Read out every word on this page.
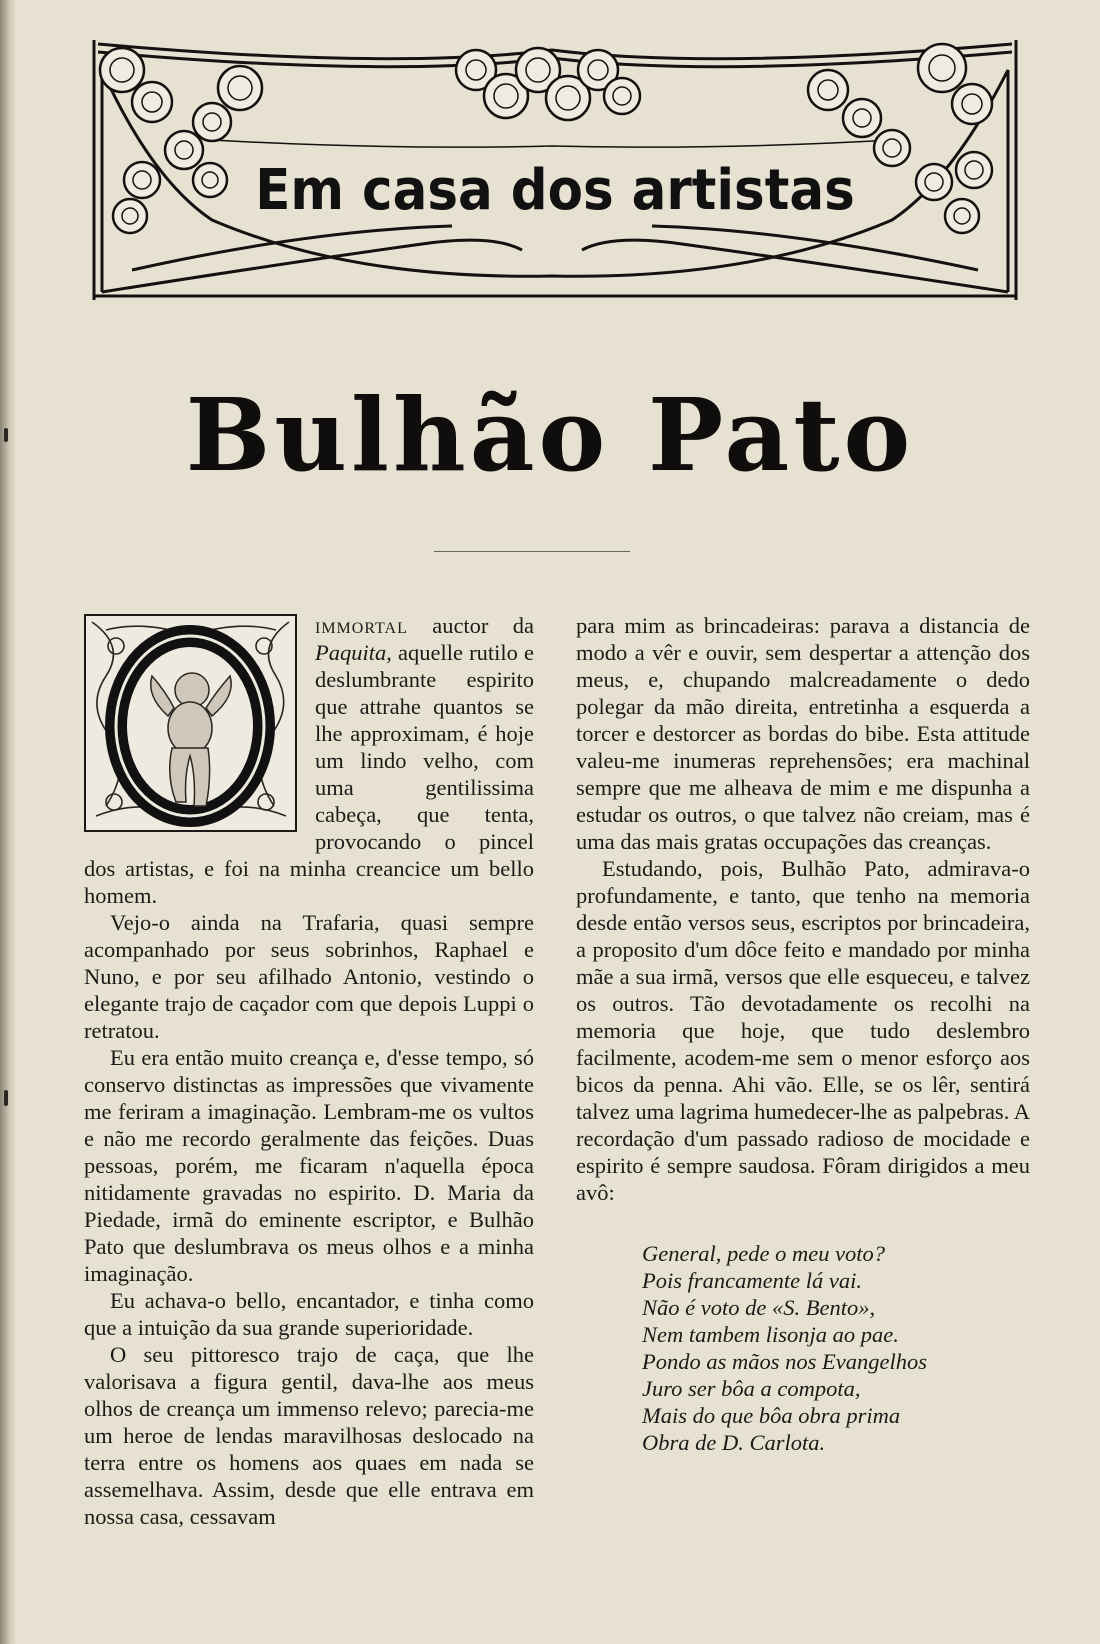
Em casa dos artistas
Bulhão Pato

immortal auctor da Paquita, aquelle rutilo e deslumbrante espirito que attrahe quantos se lhe approximam, é hoje um lindo velho, com uma gentilissima cabeça, que tenta, provocando o pincel dos artistas, e foi na minha creancice um bello homem.

Vejo-o ainda na Trafaria, quasi sempre acompanhado por seus sobrinhos, Raphael e Nuno, e por seu afilhado Antonio, vestindo o elegante trajo de caçador com que depois Luppi o retratou.

Eu era então muito creança e, d'esse tempo, só conservo distinctas as impressões que vivamente me feriram a imaginação. Lembram-me os vultos e não me recordo geralmente das feições. Duas pessoas, porém, me ficaram n'aquella época nitidamente gravadas no espirito. D. Maria da Piedade, irmã do eminente escriptor, e Bulhão Pato que deslumbrava os meus olhos e a minha imaginação.

Eu achava-o bello, encantador, e tinha como que a intuição da sua grande superioridade.

O seu pittoresco trajo de caça, que lhe valorisava a figura gentil, dava-lhe aos meus olhos de creança um immenso relevo; parecia-me um heroe de lendas maravilhosas deslocado na terra entre os homens aos quaes em nada se assemelhava. Assim, desde que elle entrava em nossa casa, cessavam

para mim as brincadeiras: parava a distancia de modo a vêr e ouvir, sem despertar a attenção dos meus, e, chupando malcreadamente o dedo polegar da mão direita, entretinha a esquerda a torcer e destorcer as bordas do bibe. Esta attitude valeu-me inumeras reprehensões; era machinal sempre que me alheava de mim e me dispunha a estudar os outros, o que talvez não creiam, mas é uma das mais gratas occupações das creanças.

Estudando, pois, Bulhão Pato, admirava-o profundamente, e tanto, que tenho na memoria desde então versos seus, escriptos por brincadeira, a proposito d'um dôce feito e mandado por minha mãe a sua irmã, versos que elle esqueceu, e talvez os outros. Tão devotadamente os recolhi na memoria que hoje, que tudo deslembro facilmente, acodem-me sem o menor esforço aos bicos da penna. Ahi vão. Elle, se os lêr, sentirá talvez uma lagrima humedecer-lhe as palpebras. A recordação d'um passado radioso de mocidade e espirito é sempre saudosa. Fôram dirigidos a meu avô:

General, pede o meu voto?
Pois francamente lá vai.
Não é voto de «S. Bento»,
Nem tambem lisonja ao pae.
Pondo as mãos nos Evangelhos
Juro ser bôa a compota,
Mais do que bôa obra prima
Obra de D. Carlota.
